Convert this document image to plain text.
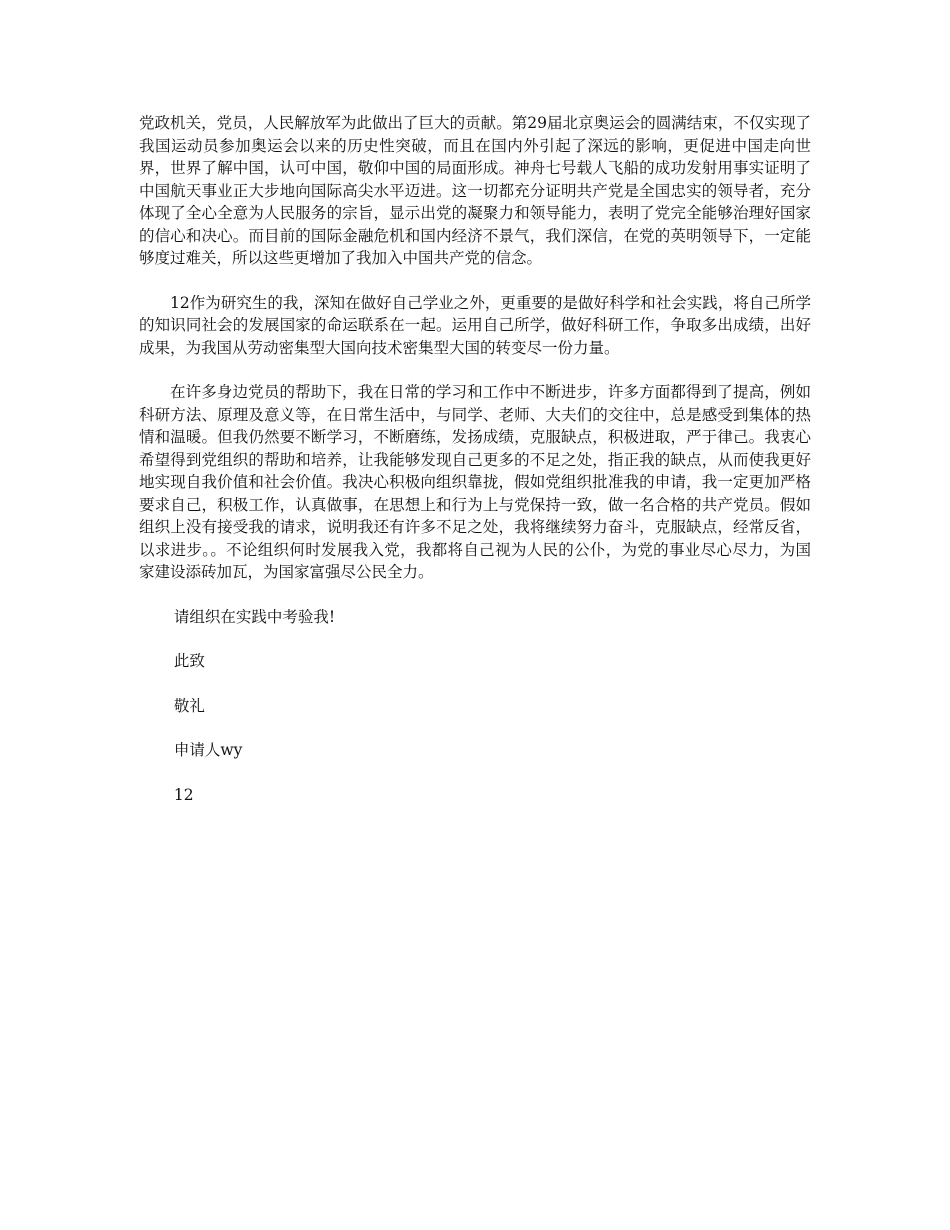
党政机关，党员，人民解放军为此做出了巨大的贡献。第29届北京奥运会的圆满结束，不仅实现了我国运动员参加奥运会以来的历史性突破，而且在国内外引起了深远的影响，更促进中国走向世界，世界了解中国，认可中国，敬仰中国的局面形成。神舟七号载人飞船的成功发射用事实证明了中国航天事业正大步地向国际高尖水平迈进。这一切都充分证明共产党是全国忠实的领导者，充分体现了全心全意为人民服务的宗旨，显示出党的凝聚力和领导能力，表明了党完全能够治理好国家的信心和决心。而目前的国际金融危机和国内经济不景气，我们深信，在党的英明领导下，一定能够度过难关，所以这些更增加了我加入中国共产党的信念。

12作为研究生的我，深知在做好自己学业之外，更重要的是做好科学和社会实践，将自己所学的知识同社会的发展国家的命运联系在一起。运用自己所学，做好科研工作，争取多出成绩，出好成果，为我国从劳动密集型大国向技术密集型大国的转变尽一份力量。

在许多身边党员的帮助下，我在日常的学习和工作中不断进步，许多方面都得到了提高，例如科研方法、原理及意义等，在日常生活中，与同学、老师、大夫们的交往中，总是感受到集体的热情和温暖。但我仍然要不断学习，不断磨练，发扬成绩，克服缺点，积极进取，严于律己。我衷心希望得到党组织的帮助和培养，让我能够发现自己更多的不足之处，指正我的缺点，从而使我更好地实现自我价值和社会价值。我决心积极向组织靠拢，假如党组织批准我的申请，我一定更加严格要求自己，积极工作，认真做事，在思想上和行为上与党保持一致，做一名合格的共产党员。假如组织上没有接受我的请求，说明我还有许多不足之处，我将继续努力奋斗，克服缺点，经常反省，以求进步。。不论组织何时发展我入党，我都将自己视为人民的公仆，为党的事业尽心尽力，为国家建设添砖加瓦，为国家富强尽公民全力。

请组织在实践中考验我!

此致

敬礼

申请人wy

12
